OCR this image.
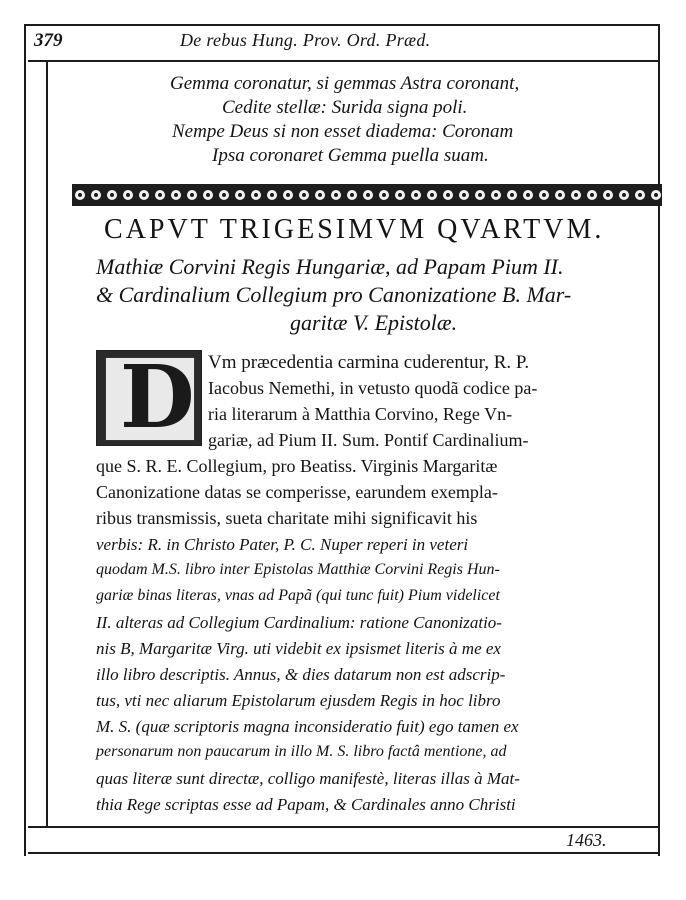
379	De rebus Hung. Prov. Ord. Præd.
Gemma coronatur, si gemmas Astra coronant,
Cedite stellæ: Surida signa poli.
Nempe Deus si non esset diadema: Coronam
Ipsa coronaret Gemma puella suam.
CAPVT TRIGESIMVM QVARTVM.
Mathiæ Corvini Regis Hungariæ, ad Papam Pium II.
& Cardinalium Collegium pro Canonizatione B. Mar-
garitæ V. Epistolæ.
D Vm præcedentia carmina cuderentur, R. P.
Iacobus Nemethi, in vetusto quodã codice pa-
ria literarum à Matthia Corvino, Rege Vn-
gariæ, ad Pium II. Sum. Pontif Cardinalium-
que S. R. E. Collegium, pro Beatiss. Virginis Margaritæ
Canonizatione datas se comperisse, earundem exempla-
ribus transmissis, sueta charitate mihi significavit his
verbis: R. in Christo Pater, P. C. Nuper reperi in veteri
quodam M.S. libro inter Epistolas Matthiæ Corvini Regis Hun-
gariæ binas literas, vnas ad Papã (qui tunc fuit) Pium videlicet
II. alteras ad Collegium Cardinalium: ratione Canonizatio-
nis B, Margaritæ Virg. uti videbit ex ipsismet literis à me ex
illo libro descriptis. Annus, & dies datarum non est adscrip-
tus, vti nec aliarum Epistolarum ejusdem Regis in hoc libro
M. S. (quæ scriptoris magna inconsideratio fuit) ego tamen ex
personarum non paucarum in illo M. S. libro factâ mentione, ad
quas literæ sunt directæ, colligo manifestè, literas illas à Mat-
thia Rege scriptas esse ad Papam, & Cardinales anno Christi
1463.
